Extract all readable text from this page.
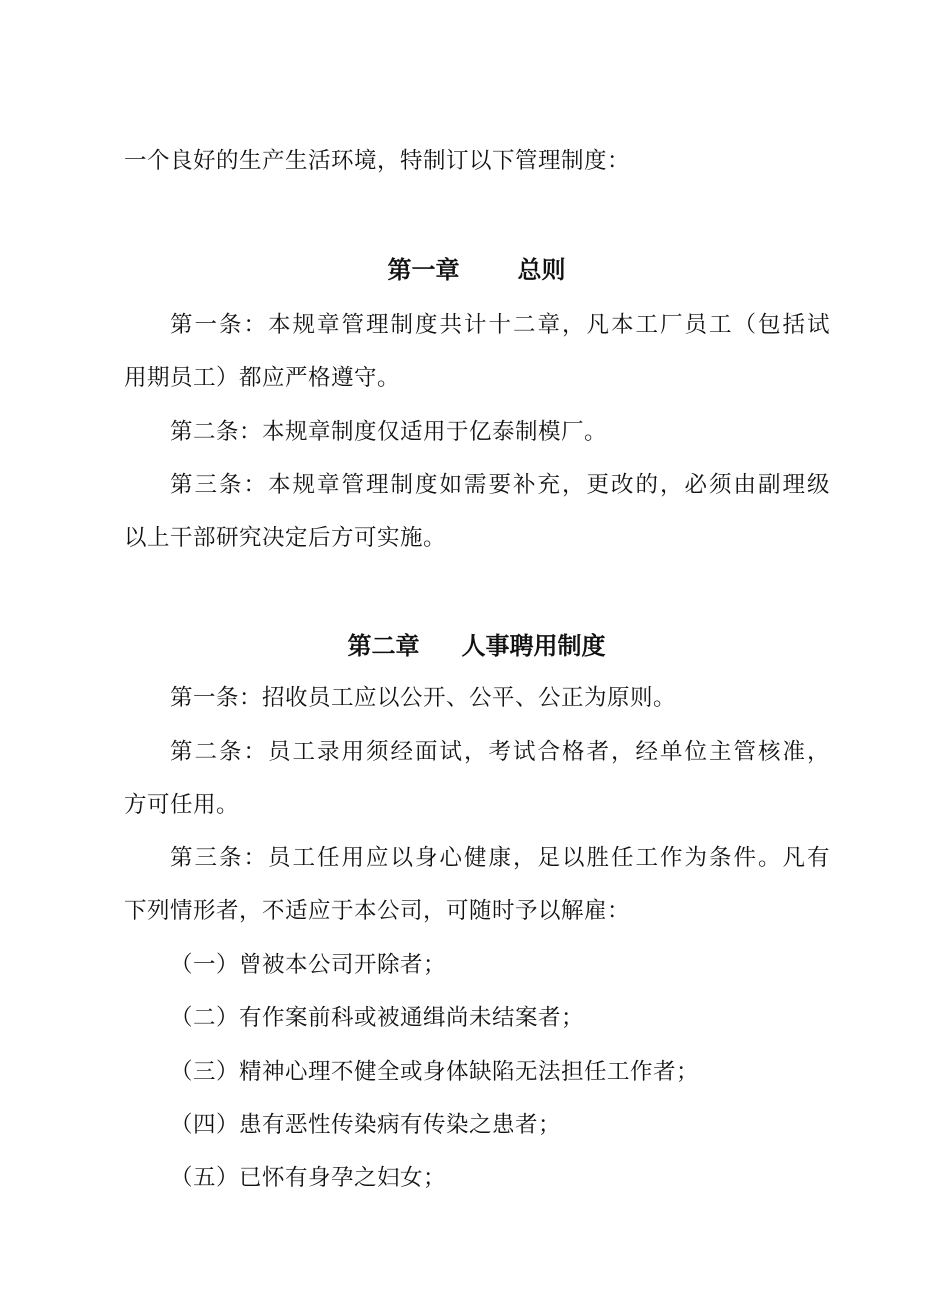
一个良好的生产生活环境，特制订以下管理制度：
第一章 总则
第一条：本规章管理制度共计十二章，凡本工厂员工（包括试
用期员工）都应严格遵守。
第二条：本规章制度仅适用于亿泰制模厂。
第三条：本规章管理制度如需要补充，更改的，必须由副理级
以上干部研究决定后方可实施。
第二章 人事聘用制度
第一条：招收员工应以公开、公平、公正为原则。
第二条：员工录用须经面试，考试合格者，经单位主管核准，
方可任用。
第三条：员工任用应以身心健康，足以胜任工作为条件。凡有
下列情形者，不适应于本公司，可随时予以解雇：
（一）曾被本公司开除者；
（二）有作案前科或被通缉尚未结案者；
（三）精神心理不健全或身体缺陷无法担任工作者；
（四）患有恶性传染病有传染之患者；
（五）已怀有身孕之妇女；
